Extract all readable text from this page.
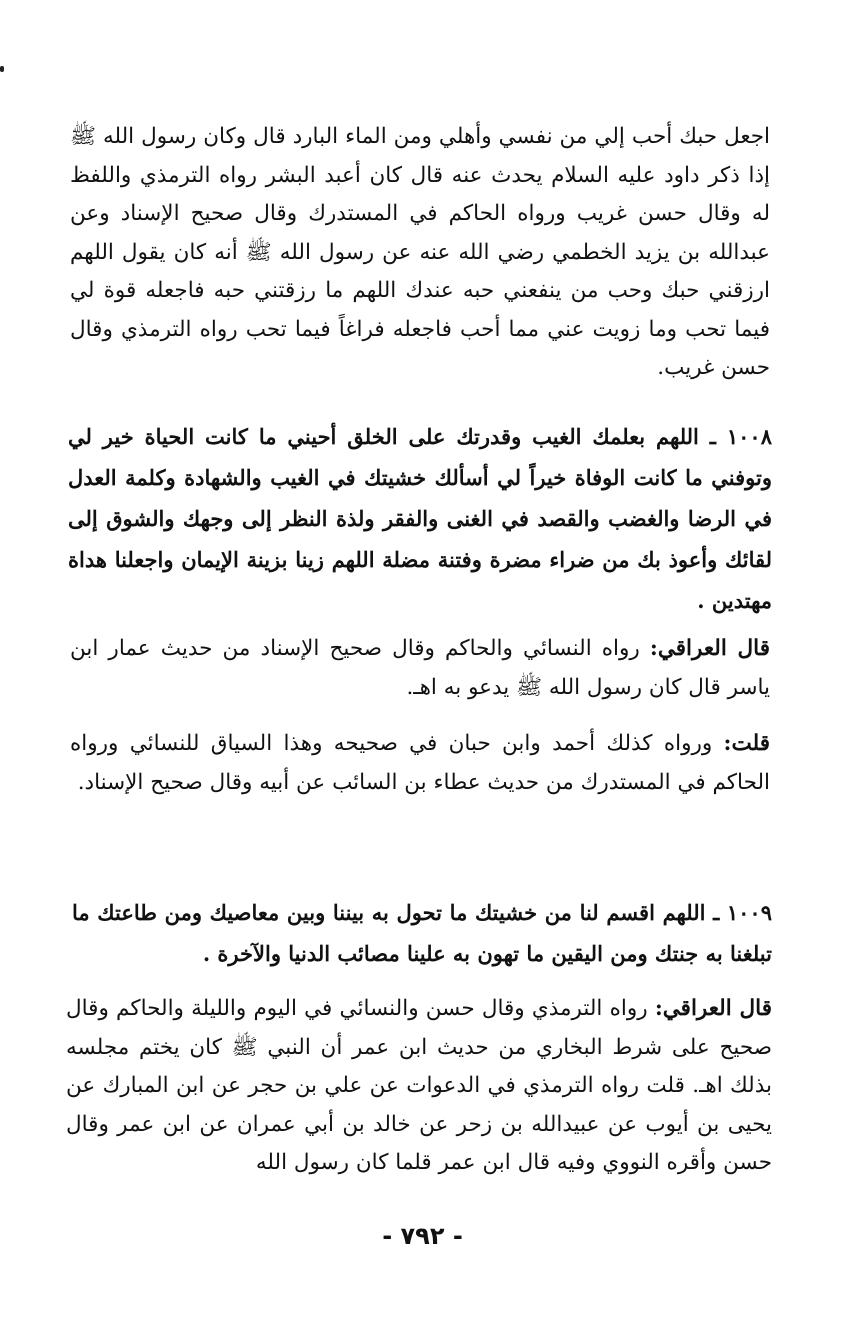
اجعل حبك أحب إلي من نفسي وأهلي ومن الماء البارد قال وكان رسول الله ﷺ إذا ذكر داود عليه السلام يحدث عنه قال كان أعبد البشر رواه الترمذي واللفظ له وقال حسن غريب ورواه الحاكم في المستدرك وقال صحيح الإسناد وعن عبدالله بن يزيد الخطمي رضي الله عنه عن رسول الله ﷺ أنه كان يقول اللهم ارزقني حبك وحب من ينفعني حبه عندك اللهم ما رزقتني حبه فاجعله قوة لي فيما تحب وما زويت عني مما أحب فاجعله فراغاً فيما تحب رواه الترمذي وقال حسن غريب.
١٠٠٨ ـ اللهم بعلمك الغيب وقدرتك على الخلق أحيني ما كانت الحياة خير لي وتوفني ما كانت الوفاة خيراً لي أسألك خشيتك في الغيب والشهادة وكلمة العدل في الرضا والغضب والقصد في الغنى والفقر ولذة النظر إلى وجهك والشوق إلى لقائك وأعوذ بك من ضراء مضرة وفتنة مضلة اللهم زينا بزينة الإيمان واجعلنا هداة مهتدين .
قال العراقي: رواه النسائي والحاكم وقال صحيح الإسناد من حديث عمار ابن ياسر قال كان رسول الله ﷺ يدعو به اهـ.
قلت: ورواه كذلك أحمد وابن حبان في صحيحه وهذا السياق للنسائي ورواه الحاكم في المستدرك من حديث عطاء بن السائب عن أبيه وقال صحيح الإسناد.
١٠٠٩ ـ اللهم اقسم لنا من خشيتك ما تحول به بيننا وبين معاصيك ومن طاعتك ما تبلغنا به جنتك ومن اليقين ما تهون به علينا مصائب الدنيا والآخرة .
قال العراقي: رواه الترمذي وقال حسن والنسائي في اليوم والليلة والحاكم وقال صحيح على شرط البخاري من حديث ابن عمر أن النبي ﷺ كان يختم مجلسه بذلك اهـ. قلت رواه الترمذي في الدعوات عن علي بن حجر عن ابن المبارك عن يحيى بن أيوب عن عبيدالله بن زحر عن خالد بن أبي عمران عن ابن عمر وقال حسن وأقره النووي وفيه قال ابن عمر قلما كان رسول الله
- ٧٩٢ -
